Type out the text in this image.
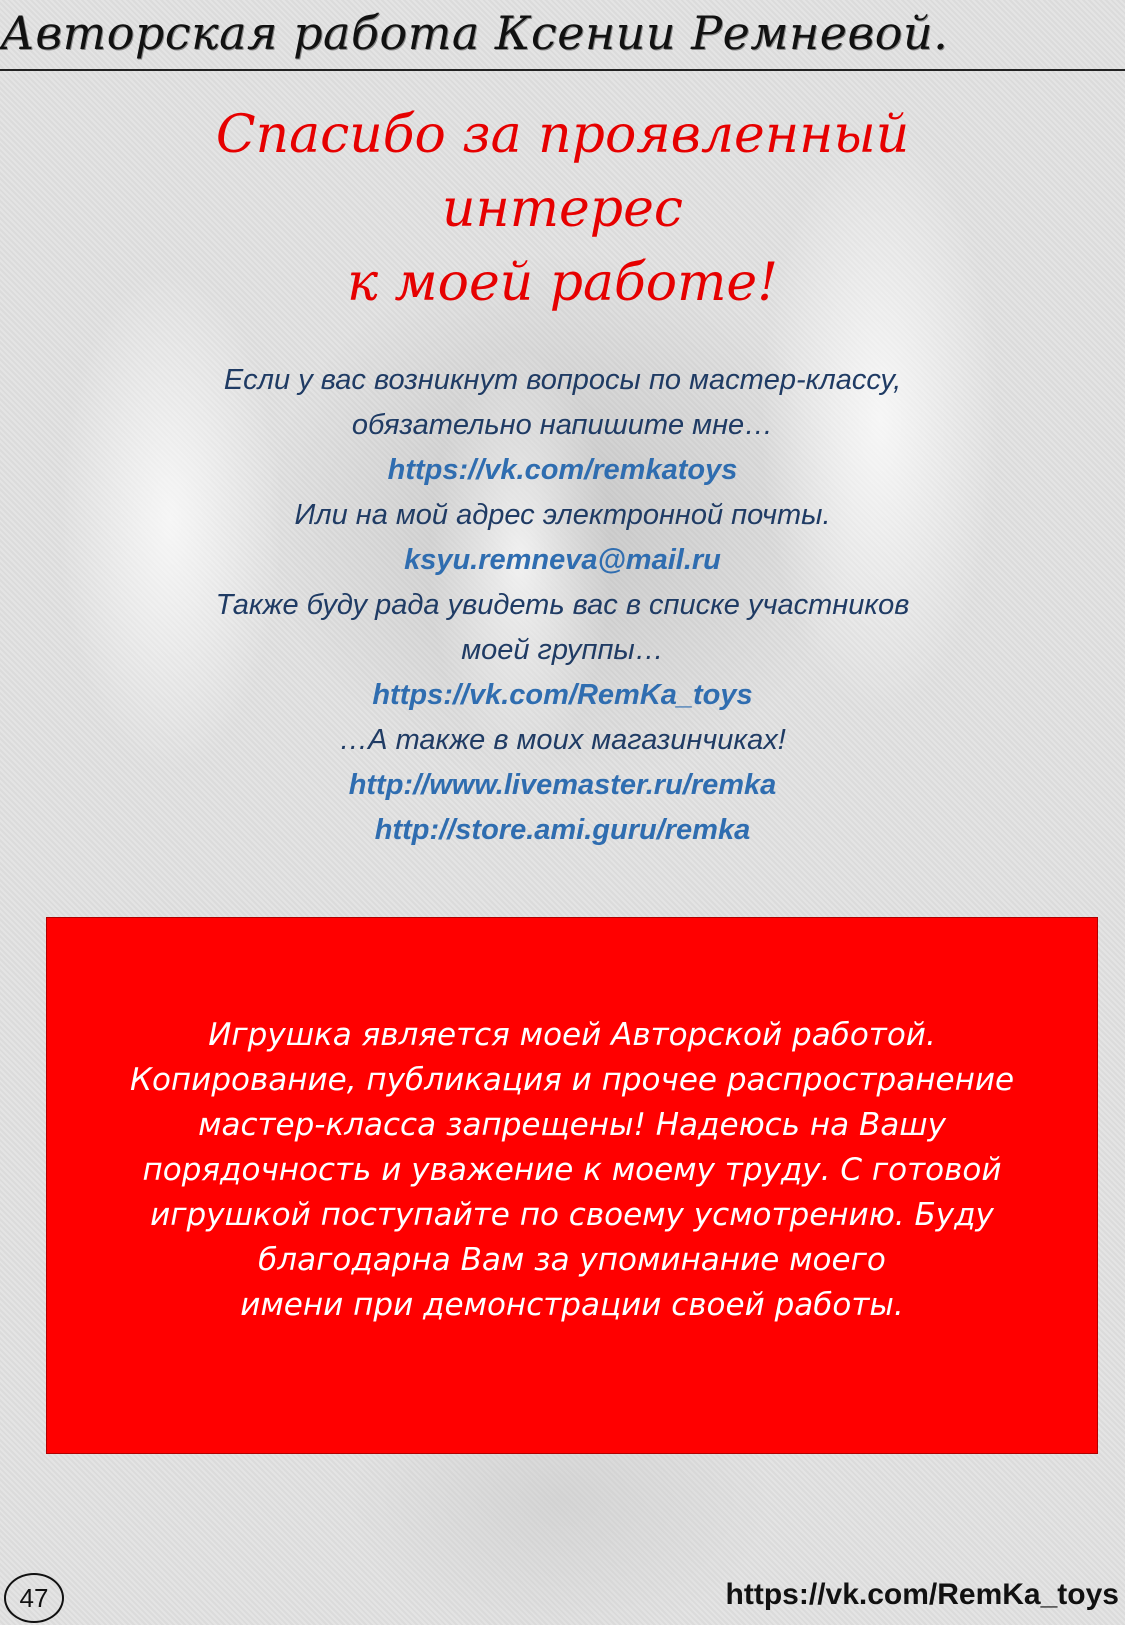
Авторская работа Ксении Ремневой.
Спасибо за проявленный
интерес
к моей работе!
Если у вас возникнут вопросы по мастер-классу,
обязательно напишите мне…
https://vk.com/remkatoys
Или на мой адрес электронной почты.
ksyu.remneva@mail.ru
Также буду рада увидеть вас в списке участников
моей группы…
https://vk.com/RemKa_toys
…А также в моих магазинчиках!
http://www.livemaster.ru/remka
http://store.ami.guru/remka
Игрушка является моей Авторской работой.
Копирование, публикация и прочее распространение
мастер-класса запрещены! Надеюсь на Вашу
порядочность и уважение к моему труду. С готовой
игрушкой поступайте по своему усмотрению. Буду
благодарна Вам за упоминание моего
имени при демонстрации своей работы.
47	https://vk.com/RemKa_toys
